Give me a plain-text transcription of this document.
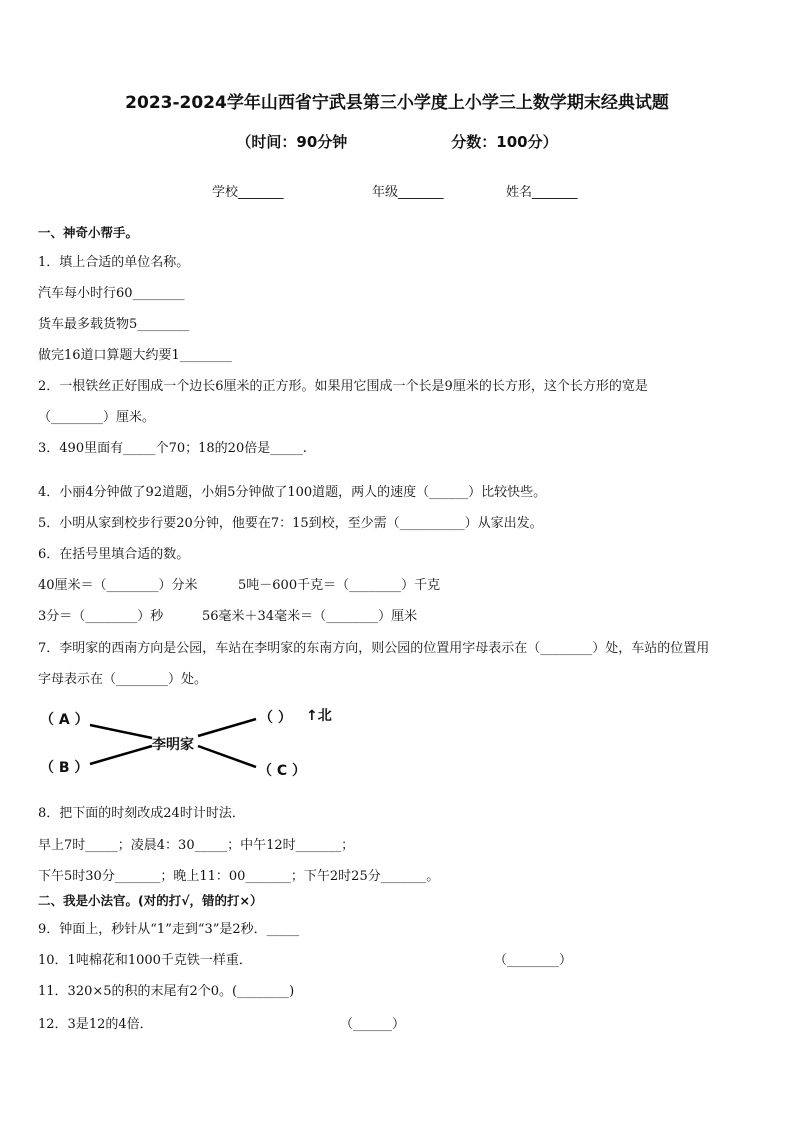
2023-2024学年山西省宁武县第三小学度上小学三上数学期末经典试题
（时间：90分钟	分数：100分）
学校_______	年级_______	姓名_______
一、神奇小帮手。
1．填上合适的单位名称。
汽车每小时行60________
货车最多载货物5________
做完16道口算题大约要1________
2．一根铁丝正好围成一个边长6厘米的正方形。如果用它围成一个长是9厘米的长方形，这个长方形的宽是
（________）厘米。
3．490里面有_____个70；18的20倍是_____.
4．小丽4分钟做了92道题，小娟5分钟做了100道题，两人的速度（______）比较快些。
5．小明从家到校步行要20分钟，他要在7：15到校，至少需（__________）从家出发。
6．在括号里填合适的数。
40厘米＝（________）分米	5吨－600千克＝（________）千克
3分＝（________）秒	56毫米＋34毫米＝（________）厘米
7．李明家的西南方向是公园，车站在李明家的东南方向，则公园的位置用字母表示在（________）处，车站的位置用
字母表示在（________）处。
（ A ）
（ B ）
李明家
（ ） ↑北
（ C ）
8．把下面的时刻改成24时计时法．
早上7时_____；凌晨4：30_____；中午12时_______；
下午5时30分_______；晚上11：00_______；下午2时25分_______。
二、我是小法官。(对的打√，错的打×）
9．钟面上，秒针从“1”走到“3”是2秒．_____
10．1吨棉花和1000千克铁一样重．	（________）
11．320×5的积的末尾有2个0。(________)
12．3是12的4倍．	（______）
